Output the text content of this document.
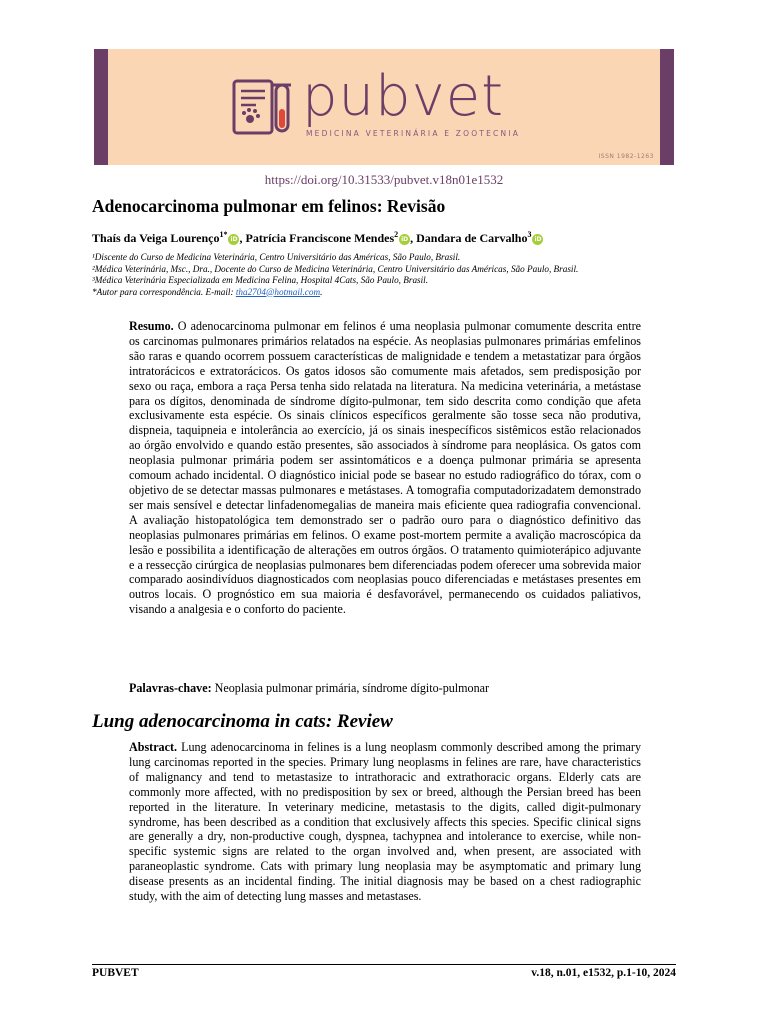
pubvet
MEDICINA VETERINÁRIA E ZOOTECNIA
ISSN 1982-1263
https://doi.org/10.31533/pubvet.v18n01e1532
Adenocarcinoma pulmonar em felinos: Revisão
Thaís da Veiga Lourenço$^{1*}$iD , Patrícia Franciscone Mendes$^2$iD , Dandara de Carvalho$^3$iD
¹Discente do Curso de Medicina Veterinária, Centro Universitário das Américas, São Paulo, Brasil.
²Médica Veterinária, Msc., Dra., Docente do Curso de Medicina Veterinária, Centro Universitário das Américas, São Paulo, Brasil.
³Médica Veterinária Especializada em Medicina Felina, Hospital 4Cats, São Paulo, Brasil.
*Autor para correspondência. E-mail: tha2704@hotmail.com.
Resumo. O adenocarcinoma pulmonar em felinos é uma neoplasia pulmonar comumente descrita entre os carcinomas pulmonares primários relatados na espécie. As neoplasias pulmonares primárias emfelinos são raras e quando ocorrem possuem características de malignidade e tendem a metastatizar para órgãos intratorácicos e extratorácicos. Os gatos idosos são comumente mais afetados, sem predisposição por sexo ou raça, embora a raça Persa tenha sido relatada na literatura. Na medicina veterinária, a metástase para os dígitos, denominada de síndrome dígito-pulmonar, tem sido descrita como condição que afeta exclusivamente esta espécie. Os sinais clínicos específicos geralmente são tosse seca não produtiva, dispneia, taquipneia e intolerância ao exercício, já os sinais inespecíficos sistêmicos estão relacionados ao órgão envolvido e quando estão presentes, são associados à síndrome para neoplásica. Os gatos com neoplasia pulmonar primária podem ser assintomáticos e a doença pulmonar primária se apresenta comoum achado incidental. O diagnóstico inicial pode se basear no estudo radiográfico do tórax, com o objetivo de se detectar massas pulmonares e metástases. A tomografia computadorizadatem demonstrado ser mais sensível e detectar linfadenomegalias de maneira mais eficiente quea radiografia convencional. A avaliação histopatológica tem demonstrado ser o padrão ouro para o diagnóstico definitivo das neoplasias pulmonares primárias em felinos. O exame post-mortem permite a avalição macroscópica da lesão e possibilita a identificação de alterações em outros órgãos. O tratamento quimioterápico adjuvante e a ressecção cirúrgica de neoplasias pulmonares bem diferenciadas podem oferecer uma sobrevida maior comparado aosindivíduos diagnosticados com neoplasias pouco diferenciadas e metástases presentes em outros locais. O prognóstico em sua maioria é desfavorável, permanecendo os cuidados paliativos, visando a analgesia e o conforto do paciente.
Palavras-chave: Neoplasia pulmonar primária, síndrome dígito-pulmonar
Lung adenocarcinoma in cats: Review
Abstract. Lung adenocarcinoma in felines is a lung neoplasm commonly described among the primary lung carcinomas reported in the species. Primary lung neoplasms in felines are rare, have characteristics of malignancy and tend to metastasize to intrathoracic and extrathoracic organs. Elderly cats are commonly more affected, with no predisposition by sex or breed, although the Persian breed has been reported in the literature. In veterinary medicine, metastasis to the digits, called digit-pulmonary syndrome, has been described as a condition that exclusively affects this species. Specific clinical signs are generally a dry, non-productive cough, dyspnea, tachypnea and intolerance to exercise, while non-specific systemic signs are related to the organ involved and, when present, are associated with paraneoplastic syndrome. Cats with primary lung neoplasia may be asymptomatic and primary lung disease presents as an incidental finding. The initial diagnosis may be based on a chest radiographic study, with the aim of detecting lung masses and metastases.
PUBVET	v.18, n.01, e1532, p.1-10, 2024
